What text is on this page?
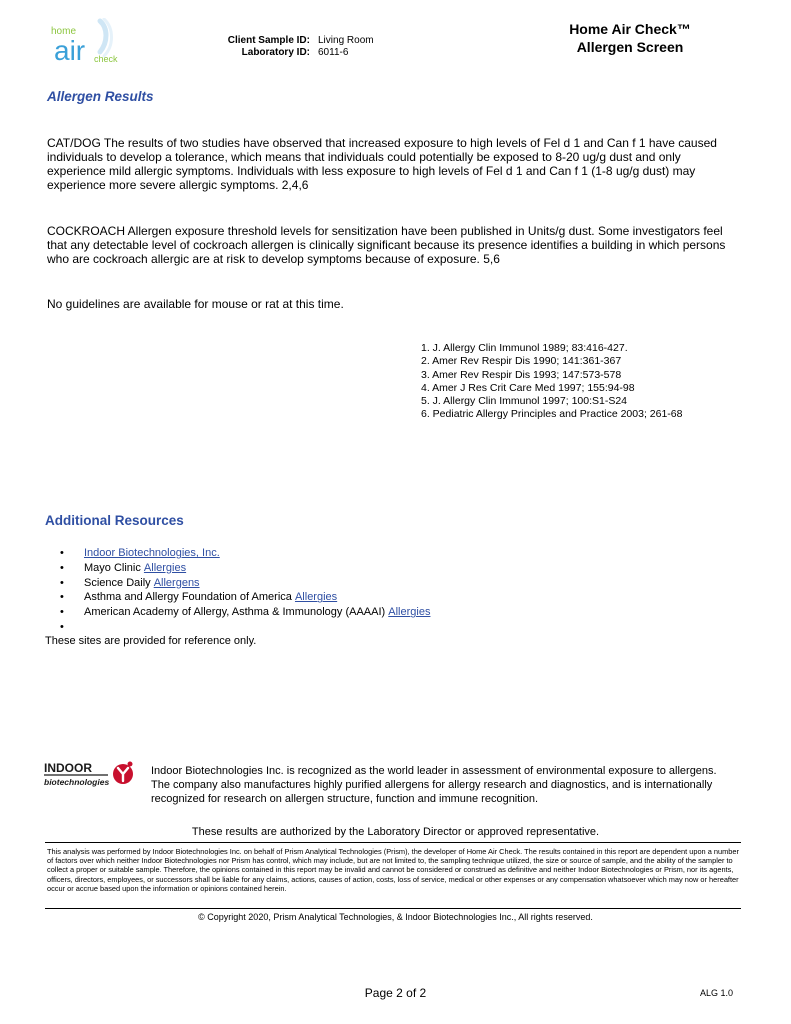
home
air check
Client Sample ID: Living Room
Laboratory ID: 6011-6
Home Air Check™
Allergen Screen
Allergen Results
CAT/DOG The results of two studies have observed that increased exposure to high levels of Fel d 1 and Can f 1 have caused individuals to develop a tolerance, which means that individuals could potentially be exposed to 8-20 ug/g dust and only experience mild allergic symptoms. Individuals with less exposure to high levels of Fel d 1 and Can f 1 (1-8 ug/g dust) may experience more severe allergic symptoms. 2,4,6
COCKROACH Allergen exposure threshold levels for sensitization have been published in Units/g dust. Some investigators feel that any detectable level of cockroach allergen is clinically significant because its presence identifies a building in which persons who are cockroach allergic are at risk to develop symptoms because of exposure. 5,6
No guidelines are available for mouse or rat at this time.
1. J. Allergy Clin Immunol 1989; 83:416-427.
2. Amer Rev Respir Dis 1990; 141:361-367
3. Amer Rev Respir Dis 1993; 147:573-578
4. Amer J Res Crit Care Med 1997; 155:94-98
5. J. Allergy Clin Immunol 1997; 100:S1-S24
6. Pediatric Allergy Principles and Practice 2003; 261-68
Additional Resources
•	Indoor Biotechnologies, Inc.
•	Mayo Clinic
Allergies
•	Science Daily
Allergens
•	Asthma and Allergy Foundation of America
Allergies
•	American Academy of Allergy, Asthma & Immunology (AAAAI)
Allergies
•
These sites are provided for reference only.
INDOOR
biotechnologies
Indoor Biotechnologies Inc. is recognized as the world leader in assessment of environmental exposure to allergens. The company also manufactures highly purified allergens for allergy research and diagnostics, and is internationally recognized for research on allergen structure, function and immune recognition.
These results are authorized by the Laboratory Director or approved representative.
This analysis was performed by Indoor Biotechnologies Inc. on behalf of Prism Analytical Technologies (Prism), the developer of Home Air Check. The results contained in this report are dependent upon a number of factors over which neither Indoor Biotechnologies nor Prism has control, which may include, but are not limited to, the sampling technique utilized, the size or source of sample, and the ability of the sampler to collect a proper or suitable sample. Therefore, the opinions contained in this report may be invalid and cannot be considered or construed as definitive and neither Indoor Biotechnologies or Prism, nor its agents, officers, directors, employees, or successors shall be liable for any claims, actions, causes of action, costs, loss of service, medical or other expenses or any compensation whatsoever which may now or hereafter occur or accrue based upon the information or opinions contained herein.
© Copyright 2020, Prism Analytical Technologies, & Indoor Biotechnologies Inc., All rights reserved.
Page 2 of 2	ALG 1.0
